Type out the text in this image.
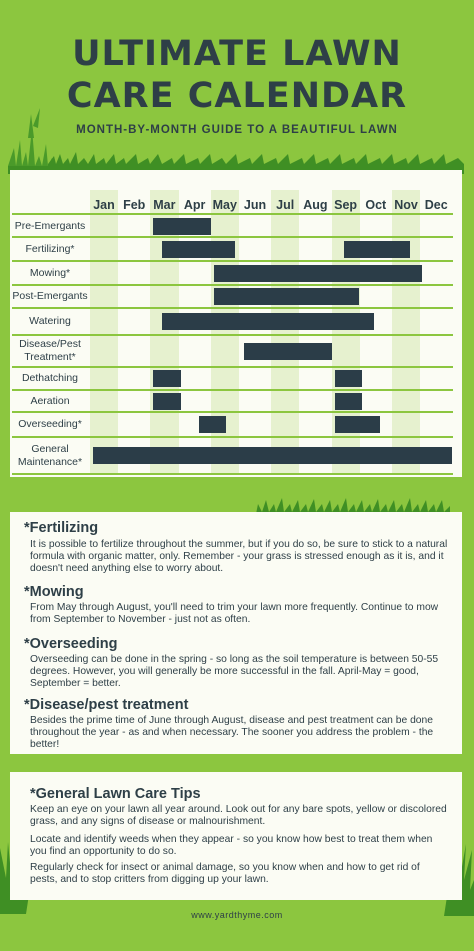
ULTIMATE LAWN
CARE CALENDAR
MONTH-BY-MONTH GUIDE TO A BEAUTIFUL LAWN
Jan Feb Mar Apr May Jun Jul Aug Sep Oct Nov Dec
Pre-Emergants
Fertilizing*
Mowing*
Post-Emergants
Watering
Disease/Pest Treatment*
Dethatching
Aeration
Overseeding*
General Maintenance*
*Fertilizing
It is possible to fertilize throughout the summer, but if you do so, be sure to stick to a natural formula with organic matter, only. Remember - your grass is stressed enough as it is, and it doesn't need anything else to worry about.
*Mowing
From May through August, you'll need to trim your lawn more frequently. Continue to mow from September to November - just not as often.
*Overseeding
Overseeding can be done in the spring - so long as the soil temperature is between 50-55 degrees. However, you will generally be more successful in the fall. April-May = good, September = better.
*Disease/pest treatment
Besides the prime time of June through August, disease and pest treatment can be done throughout the year - as and when necessary. The sooner you address the problem - the better!
*General Lawn Care Tips
Keep an eye on your lawn all year around. Look out for any bare spots, yellow or discolored grass, and any signs of disease or malnourishment.
Locate and identify weeds when they appear - so you know how best to treat them when you find an opportunity to do so.
Regularly check for insect or animal damage, so you know when and how to get rid of pests, and to stop critters from digging up your lawn.
www.yardthyme.com
